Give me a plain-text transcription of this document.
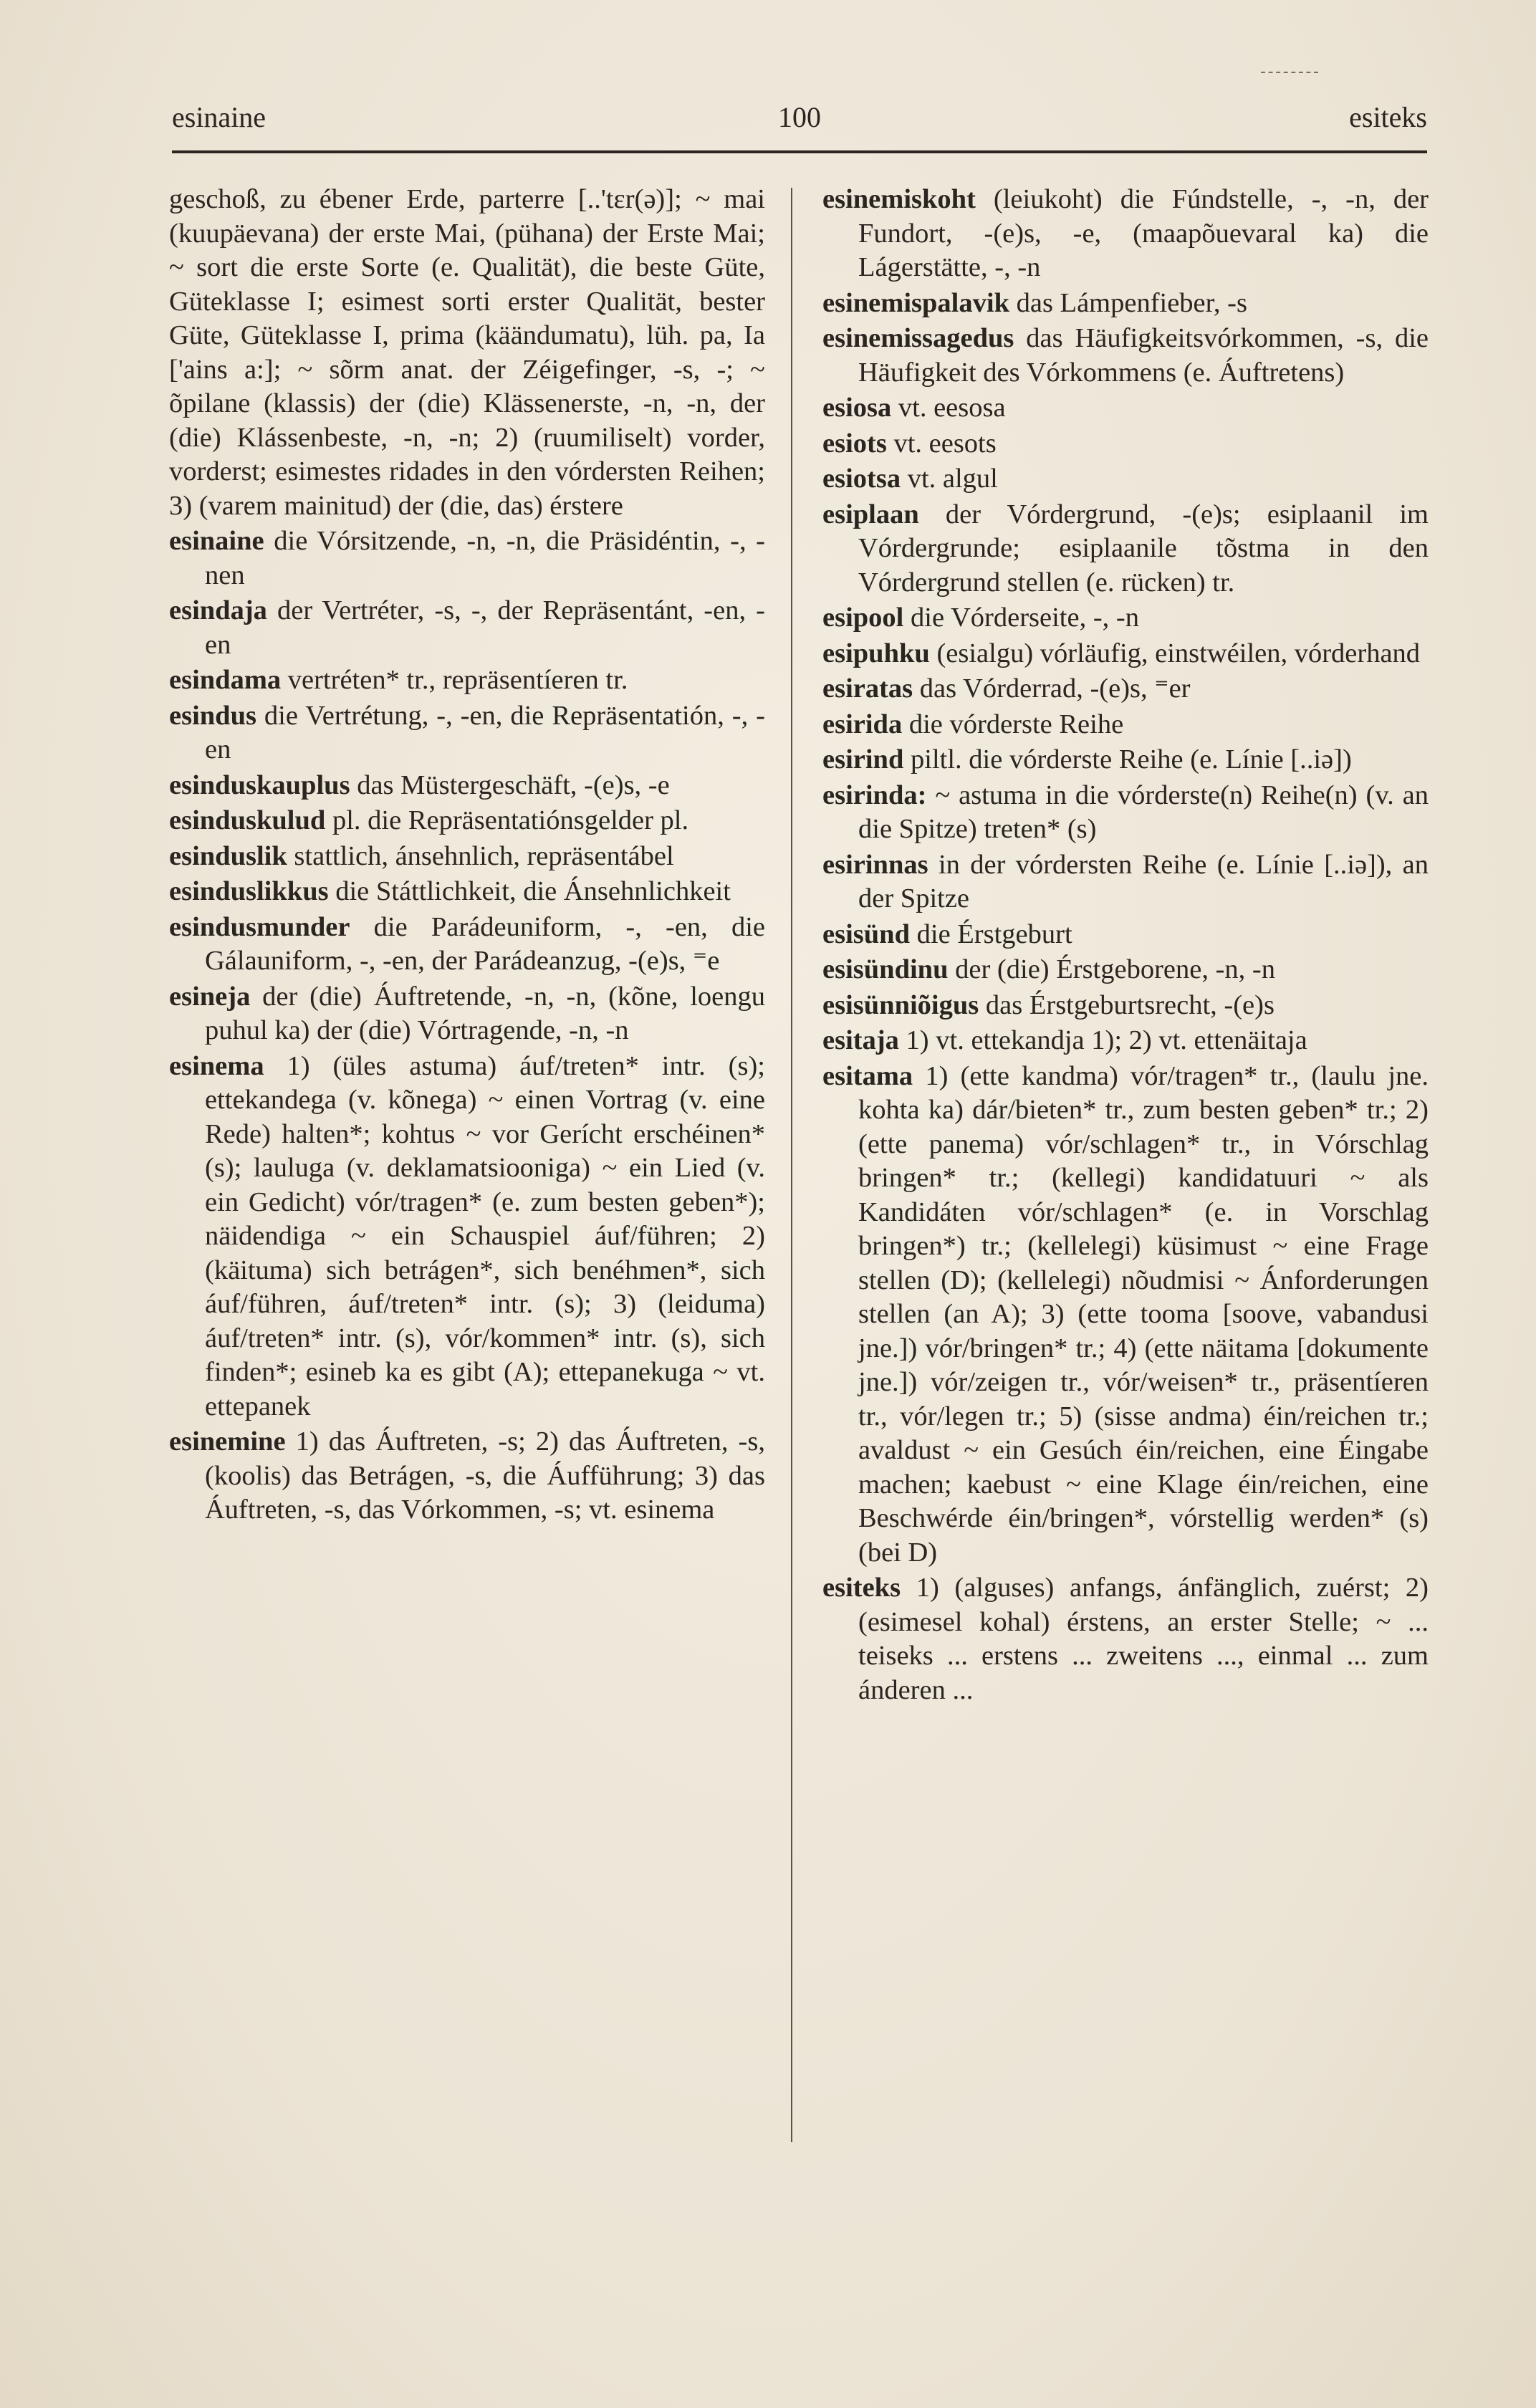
esinaine	100	esiteks

geschoß, zu ébener Erde, parterre [..'tɛr(ə)]; ~ mai (kuupäevana) der erste Mai, (pühana) der Erste Mai; ~ sort die erste Sorte (e. Qualität), die beste Güte, Güteklasse I; esimest sorti erster Qualität, bester Güte, Güteklasse I, prima (käändumatu), lüh. pa, Ia ['ains a:]; ~ sõrm anat. der Zéigefinger, -s, -; ~ õpilane (klassis) der (die) Klässenerste, -n, -n, der (die) Klássenbeste, -n, -n; 2) (ruumiliselt) vorder, vorderst; esimestes ridades in den vórdersten Reihen; 3) (varem mainitud) der (die, das) érstere

esinaine die Vórsitzende, -n, -n, die Präsidéntin, -, -nen

esindaja der Vertréter, -s, -, der Repräsentánt, -en, -en

esindama vertréten* tr., repräsentíeren tr.

esindus die Vertrétung, -, -en, die Repräsentatión, -, -en

esinduskauplus das Müstergeschäft, -(e)s, -e

esinduskulud pl. die Repräsentatiónsgelder pl.

esinduslik stattlich, ánsehnlich, repräsentábel

esinduslikkus die Státtlichkeit, die Ánsehnlichkeit

esindusmunder die Parádeuniform, -, -en, die Gálauniform, -, -en, der Parádeanzug, -(e)s, ⁼e

esineja der (die) Áuftretende, -n, -n, (kõne, loengu puhul ka) der (die) Vórtragende, -n, -n

esinema 1) (üles astuma) áuf/treten* intr. (s); ettekandega (v. kõnega) ~ einen Vortrag (v. eine Rede) halten*; kohtus ~ vor Gerícht erschéinen* (s); lauluga (v. deklamatsiooniga) ~ ein Lied (v. ein Gedicht) vór/tragen* (e. zum besten geben*); näidendiga ~ ein Schauspiel áuf/führen; 2) (käituma) sich betrágen*, sich benéhmen*, sich áuf/führen, áuf/treten* intr. (s); 3) (leiduma) áuf/treten* intr. (s), vór/kommen* intr. (s), sich finden*; esineb ka es gibt (A); ettepanekuga ~ vt. ettepanek

esinemine 1) das Áuftreten, -s; 2) das Áuftreten, -s, (koolis) das Betrágen, -s, die Áufführung; 3) das Áuftreten, -s, das Vórkommen, -s; vt. esinema

esinemiskoht (leiukoht) die Fúndstelle, -, -n, der Fundort, -(e)s, -e, (maapõuevaral ka) die Lágerstätte, -, -n

esinemispalavik das Lámpenfieber, -s

esinemissagedus das Häufigkeitsvórkommen, -s, die Häufigkeit des Vórkommens (e. Áuftretens)

esiosa vt. eesosa

esiots vt. eesots

esiotsa vt. algul

esiplaan der Vórdergrund, -(e)s; esiplaanil im Vórdergrunde; esiplaanile tõstma in den Vórdergrund stellen (e. rücken) tr.

esipool die Vórderseite, -, -n

esipuhku (esialgu) vórläufig, einstwéilen, vórderhand

esiratas das Vórderrad, -(e)s, ⁼er

esirida die vórderste Reihe

esirind piltl. die vórderste Reihe (e. Línie [..iə])

esirinda: ~ astuma in die vórderste(n) Reihe(n) (v. an die Spitze) treten* (s)

esirinnas in der vórdersten Reihe (e. Línie [..iə]), an der Spitze

esisünd die Érstgeburt

esisündinu der (die) Érstgeborene, -n, -n

esisünniõigus das Érstgeburtsrecht, -(e)s

esitaja 1) vt. ettekandja 1); 2) vt. ettenäitaja

esitama 1) (ette kandma) vór/tragen* tr., (laulu jne. kohta ka) dár/bieten* tr., zum besten geben* tr.; 2) (ette panema) vór/schlagen* tr., in Vórschlag bringen* tr.; (kellegi) kandidatuuri ~ als Kandidáten vór/schlagen* (e. in Vorschlag bringen*) tr.; (kellelegi) küsimust ~ eine Frage stellen (D); (kellelegi) nõudmisi ~ Ánforderungen stellen (an A); 3) (ette tooma [soove, vabandusi jne.]) vór/bringen* tr.; 4) (ette näitama [dokumente jne.]) vór/zeigen tr., vór/weisen* tr., präsentíeren tr., vór/legen tr.; 5) (sisse andma) éin/reichen tr.; avaldust ~ ein Gesúch éin/reichen, eine Éingabe machen; kaebust ~ eine Klage éin/reichen, eine Beschwérde éin/bringen*, vórstellig werden* (s) (bei D)

esiteks 1) (alguses) anfangs, ánfänglich, zuérst; 2) (esimesel kohal) érstens, an erster Stelle; ~ ... teiseks ... erstens ... zweitens ..., einmal ... zum ánderen ...
